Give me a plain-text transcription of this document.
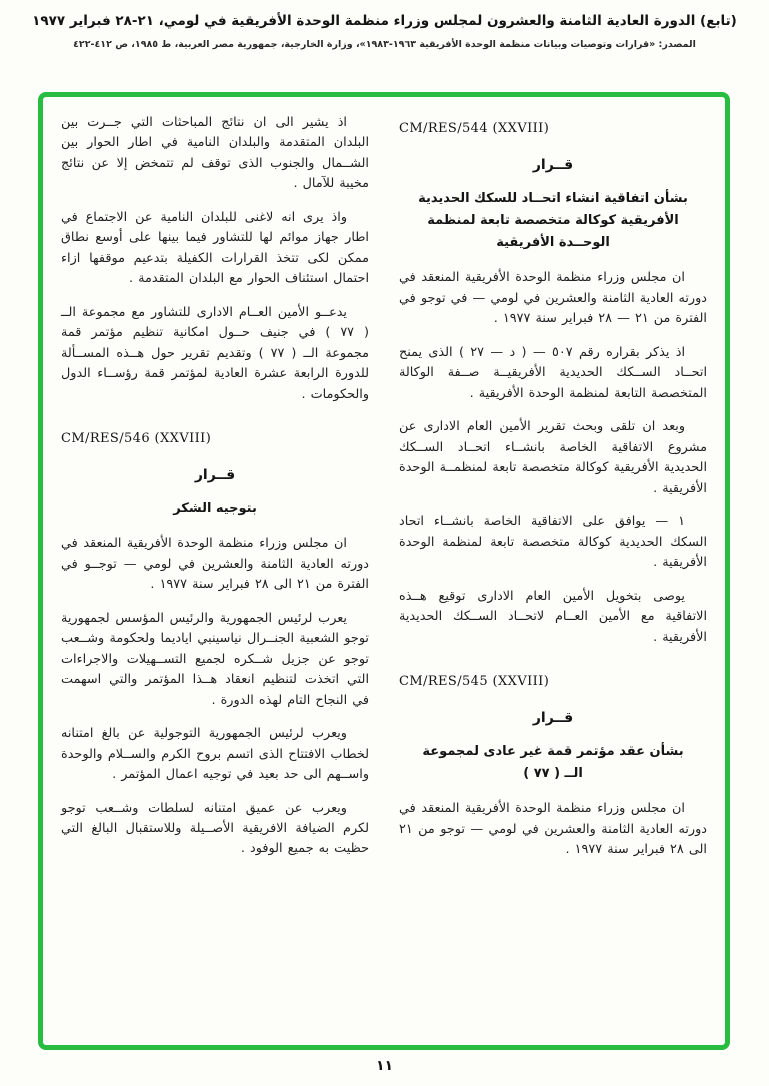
(تابع) الدورة العادية الثامنة والعشرون لمجلس وزراء منظمة الوحدة الأفريقية في لومي، ٢١-٢٨ فبراير ١٩٧٧
المصدر: «قرارات وتوصيات وبيانات منظمة الوحدة الأفريقية ١٩٦٣-١٩٨٣»، وزارة الخارجية، جمهورية مصر العربية، ط ١٩٨٥، ص ٤١٢-٤٢٢
CM/RES/544 (XXVIII)
قــرار
بشأن اتفاقية انشاء اتحــاد للسكك الحديدية الأفريقية كوكالة متخصصة تابعة لمنظمة الوحــدة الأفريقية

ان مجلس وزراء منظمة الوحدة الأفريقية المنعقد في دورته العادية الثامنة والعشرين في لومي — في توجو في الفترة من ٢١ — ٢٨ فبراير سنة ١٩٧٧ .

اذ يذكر بقراره رقم ٥٠٧ — ( د — ٢٧ ) الذى يمنح اتحــاد الســكك الحديدية الأفريقيــة صــفة الوكالة المتخصصة التابعة لمنظمة الوحدة الأفريقية .

وبعد ان تلقى وبحث تقرير الأمين العام الادارى عن مشروع الاتفاقية الخاصة بانشــاء اتحــاد الســكك الحديدية الأفريقية كوكالة متخصصة تابعة لمنظمــة الوحدة الأفريقية .

١ — يوافق على الاتفاقية الخاصة بانشــاء اتحاد السكك الحديدية كوكالة متخصصة تابعة لمنظمة الوحدة الأفريقية .

يوصى بتخويل الأمين العام الادارى توقيع هــذه الاتفاقية مع الأمين العــام لاتحــاد الســكك الحديدية الأفريقية .

CM/RES/545 (XXVIII)
قــرار
بشأن عقد مؤتمر قمة غير عادى لمجموعة الــ ( ٧٧ )

ان مجلس وزراء منظمة الوحدة الأفريقية المنعقد في دورته العادية الثامنة والعشرين في لومي — توجو من ٢١ الى ٢٨ فبراير سنة ١٩٧٧ .

اذ يشير الى ان نتائج المباحثات التي جــرت بين البلدان المتقدمة والبلدان النامية في اطار الحوار بين الشــمال والجنوب الذى توقف لم تتمخض إلا عن نتائج مخيبة للآمال .

واذ يرى انه لاغنى للبلدان النامية عن الاجتماع في اطار جهاز موائم لها للتشاور فيما بينها على أوسع نطاق ممكن لكى تتخذ القرارات الكفيلة بتدعيم موقفها ازاء احتمال استئناف الحوار مع البلدان المتقدمة .

يدعــو الأمين العــام الادارى للتشاور مع مجموعة الــ ( ٧٧ ) في جنيف حــول امكانية تنظيم مؤتمر قمة مجموعة الــ ( ٧٧ ) وتقديم تقرير حول هــذه المســألة للدورة الرابعة عشرة العادية لمؤتمر قمة رؤســاء الدول والحكومات .

CM/RES/546 (XXVIII)
قــرار
بتوجيه الشكر

ان مجلس وزراء منظمة الوحدة الأفريقية المنعقد في دورته العادية الثامنة والعشرين في لومي — توجــو في الفترة من ٢١ الى ٢٨ فبراير سنة ١٩٧٧ .

يعرب لرئيس الجمهورية والرئيس المؤسس لجمهورية توجو الشعبية الجنــرال نياسينبي اياديما ولحكومة وشــعب توجو عن جزيل شــكره لجميع التســهيلات والاجراءات التي اتخذت لتنظيم انعقاد هــذا المؤتمر والتي اسهمت في النجاح التام لهذه الدورة .

ويعرب لرئيس الجمهورية التوجولية عن بالغ امتنانه لخطاب الافتتاح الذى اتسم بروح الكرم والســلام والوحدة واســهم الى حد بعيد في توجيه اعمال المؤتمر .

ويعرب عن عميق امتنانه لسلطات وشــعب توجو لكرم الضيافة الافريقية الأصــيلة وللاستقبال البالغ التي حظيت به جميع الوفود .

١١
